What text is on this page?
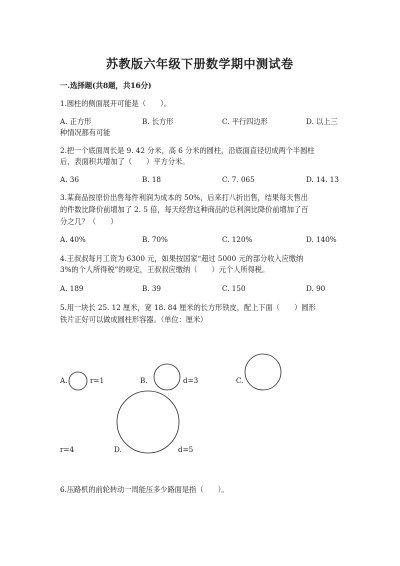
苏教版六年级下册数学期中测试卷
一.选择题(共8题，共16分)
1.圆柱的侧面展开可能是（　　）。
A. 正方形	B. 长方形	C. 平行四边形	D. 以上三
种情况都有可能
2.把一个底面周长是 9. 42 分米，高 6 分米的圆柱，沿底面直径切成两个半圆柱
后，表面积共增加了（　　）平方分米。
A. 36	B. 18	C. 7. 065	D. 14. 13
3.某商品按原价出售每件利润为成本的 50%，后来打八折出售，结果每天售出
的件数比降价前增加了 2. 5 倍，每天经营这种商品的总利润比降价前增加了百
分之几？（　　）
A. 40%	B. 70%	C. 120%	D. 140%
4.王叔叔每月工资为 6300 元，如果按国家“超过 5000 元的部分收入应缴纳
3%的个人所得税”的规定，王叔叔应缴纳（　　）元个人所得税。
A. 189	B. 39	C. 150	D. 90
5.用一块长 25. 12 厘米，宽 18. 84 厘米的长方形铁皮，配上下面（　　）圆形
铁片正好可以做成圆柱形容器。（单位：厘米）
A.	r=1	B.	d=3	C.
r=4	D.	d=5
6.压路机的前轮转动一周能压多少路面是指（　　）。
